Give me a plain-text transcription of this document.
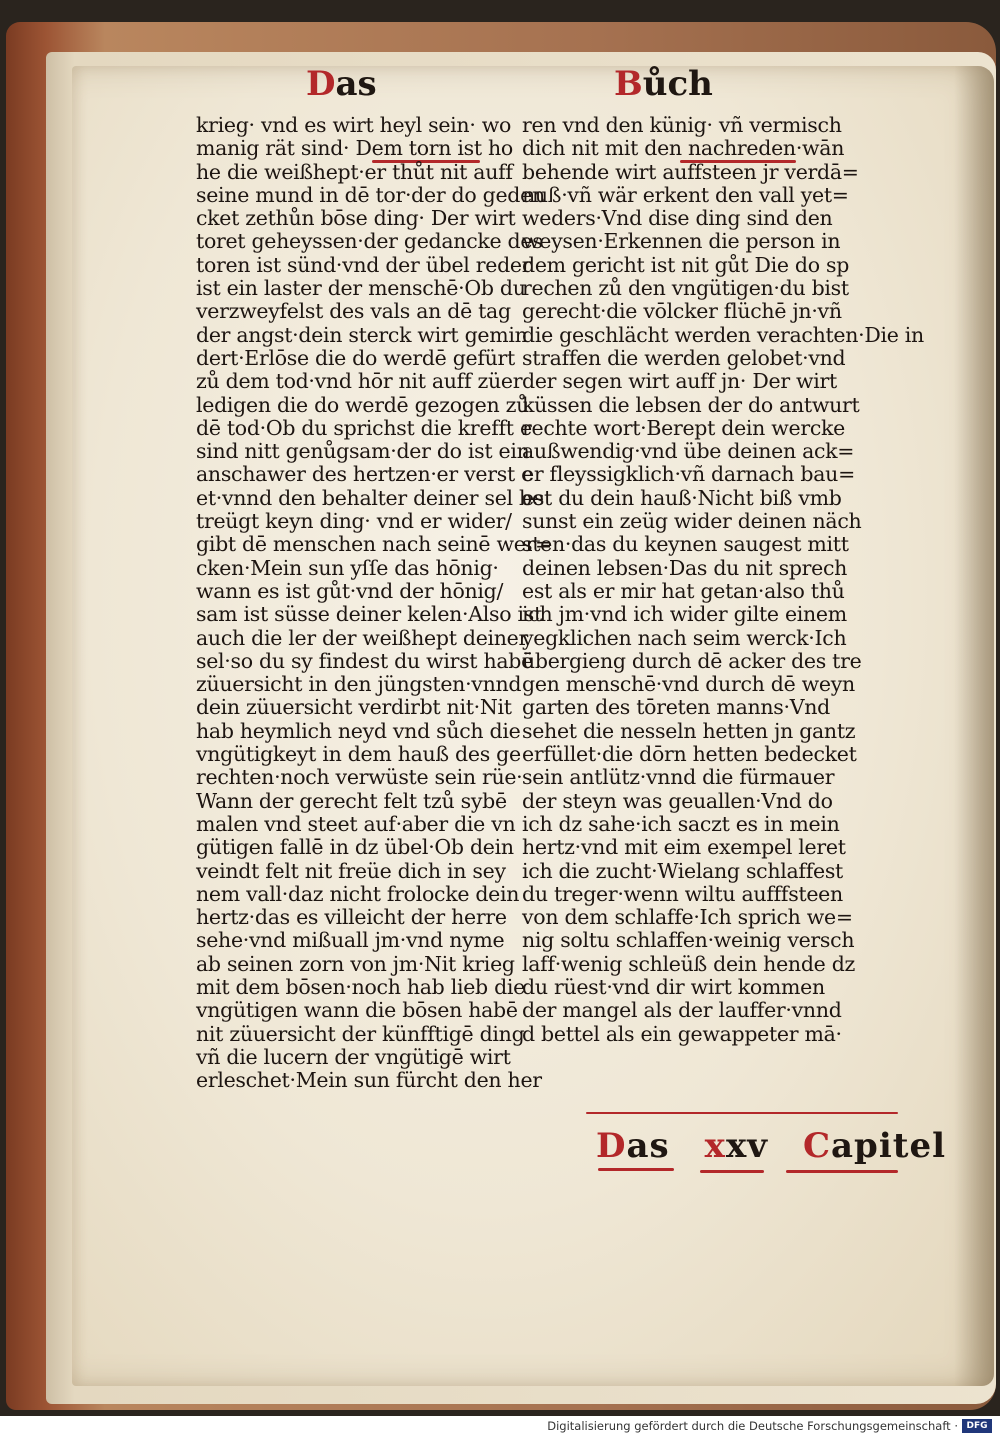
Das	Bůch
krieg· vnd es wirt heyl sein· wo
manig rät sind· Dem torn ist ho
he die weißhept·er thůt nit auff
seine mund in dē tor·der do geden
cket zethůn bōse ding· Der wirt
toret geheyssen·der gedancke des
toren ist sünd·vnd der übel reder
ist ein laster der menschē·Ob du
verzweyfelst des vals an dē tag
der angst·dein sterck wirt gemin
dert·Erlōse die do werdē gefürt
zů dem tod·vnd hōr nit auff züer
ledigen die do werdē gezogen zů
dē tod·Ob du sprichst die krefft e
sind nitt genůgsam·der do ist ein
anschawer des hertzen·er verst e
et·vnnd den behalter deiner sel be
treügt keyn ding· vnd er wider/
gibt dē menschen nach seinē wer=
cken·Mein sun yſſe das hōnig·
wann es ist gůt·vnd der hōnig/
sam ist süsse deiner kelen·Also ist
auch die ler der weißhept deiner
sel·so du sy findest du wirst habē
züuersicht in den jüngsten·vnnd
dein züuersicht verdirbt nit·Nit
hab heymlich neyd vnd sůch die
vngütigkeyt in dem hauß des ge
rechten·noch verwüste sein rüe·
Wann der gerecht felt tzů sybē
malen vnd steet auf·aber die vn
gütigen fallē in dz übel·Ob dein
veindt felt nit freüe dich in sey
nem vall·daz nicht frolocke dein
hertz·das es villeicht der herre
sehe·vnd mißuall jm·vnd nyme
ab seinen zorn von jm·Nit krieg
mit dem bōsen·noch hab lieb die
vngütigen wann die bōsen habē
nit züuersicht der künfftigē ding
vñ die lucern der vngütigē wirt
erleschet·Mein sun fürcht den her
ren vnd den künig· vñ vermisch
dich nit mit den nachreden·wān
behende wirt auffsteen jr verdā=
nuß·vñ wär erkent den vall yet=
weders·Vnd dise ding sind den
weysen·Erkennen die person in
dem gericht ist nit gůt Die do sp
rechen zů den vngütigen·du bist
gerecht·die vōlcker flüchē jn·vñ
die geschlächt werden verachten·Die in
straffen die werden gelobet·vnd
der segen wirt auff jn· Der wirt
küssen die lebsen der do antwurt
rechte wort·Berept dein wercke
außwendig·vnd übe deinen ack=
er fleyssigklich·vñ darnach bau=
est du dein hauß·Nicht biß vmb
sunst ein zeüg wider deinen näch
sten·das du keynen saugest mitt
deinen lebsen·Das du nit sprech
est als er mir hat getan·also thů
ich jm·vnd ich wider gilte einem
yegklichen nach seim werck·Ich
übergieng durch dē acker des tre
gen menschē·vnd durch dē weyn
garten des tōreten manns·Vnd
sehet die nesseln hetten jn gantz
erfüllet·die dōrn hetten bedecket
sein antlütz·vnnd die fürmauer
der steyn was geuallen·Vnd do
ich dz sahe·ich saczt es in mein
hertz·vnd mit eim exempel leret
ich die zucht·Wielang schlaffest
du treger·wenn wiltu aufffsteen
von dem schlaffe·Ich sprich we=
nig soltu schlaffen·weinig versch
laff·wenig schleüß dein hende dz
du rüest·vnd dir wirt kommen
der mangel als der lauffer·vnnd
d bettel als ein gewappeter mā·
Das xxv Capitel
Digitalisierung gefördert durch die Deutsche Forschungsgemeinschaft · DFG
